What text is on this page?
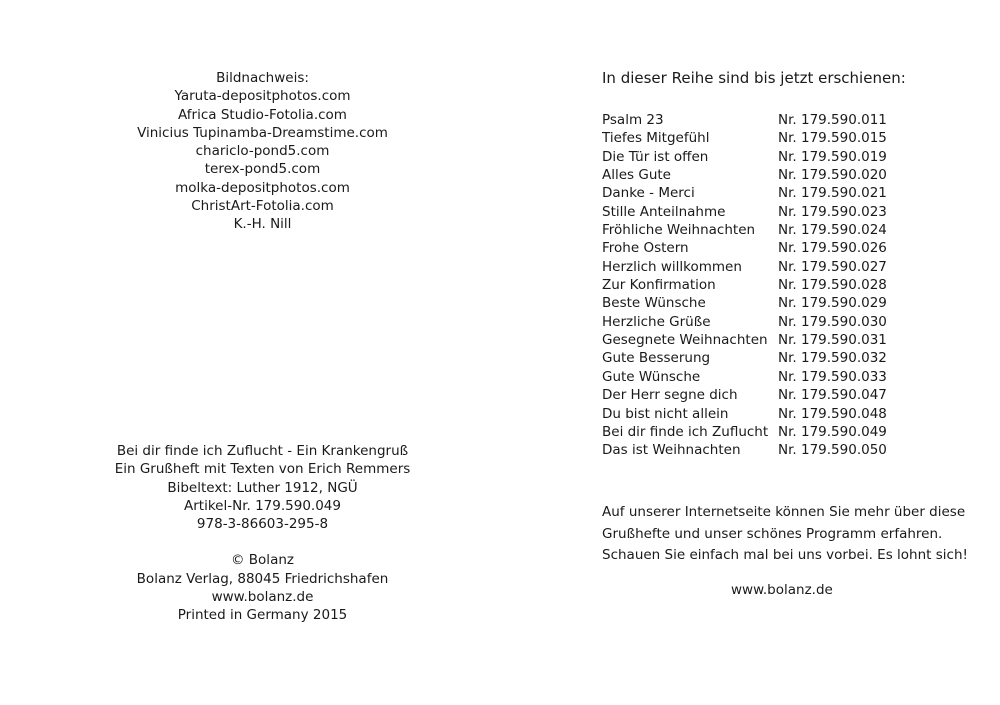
Bildnachweis:
Yaruta-depositphotos.com
Africa Studio-Fotolia.com
Vinicius Tupinamba-Dreamstime.com
chariclo-pond5.com
terex-pond5.com
molka-depositphotos.com
ChristArt-Fotolia.com
K.-H. Nill
Bei dir finde ich Zuflucht - Ein Krankengruß
Ein Grußheft mit Texten von Erich Remmers
Bibeltext: Luther 1912, NGÜ
Artikel-Nr. 179.590.049
978-3-86603-295-8
© Bolanz
Bolanz Verlag, 88045 Friedrichshafen
www.bolanz.de
Printed in Germany 2015
In dieser Reihe sind bis jetzt erschienen:
Psalm 23	Nr. 179.590.011
Tiefes Mitgefühl	Nr. 179.590.015
Die Tür ist offen	Nr. 179.590.019
Alles Gute	Nr. 179.590.020
Danke - Merci	Nr. 179.590.021
Stille Anteilnahme	Nr. 179.590.023
Fröhliche Weihnachten	Nr. 179.590.024
Frohe Ostern	Nr. 179.590.026
Herzlich willkommen	Nr. 179.590.027
Zur Konfirmation	Nr. 179.590.028
Beste Wünsche	Nr. 179.590.029
Herzliche Grüße	Nr. 179.590.030
Gesegnete Weihnachten Nr. 179.590.031
Gute Besserung	Nr. 179.590.032
Gute Wünsche	Nr. 179.590.033
Der Herr segne dich	Nr. 179.590.047
Du bist nicht allein	Nr. 179.590.048
Bei dir finde ich Zuflucht Nr. 179.590.049
Das ist Weihnachten	Nr. 179.590.050
Auf unserer Internetseite können Sie mehr über diese
Grußhefte und unser schönes Programm erfahren.
Schauen Sie einfach mal bei uns vorbei. Es lohnt sich!
www.bolanz.de
